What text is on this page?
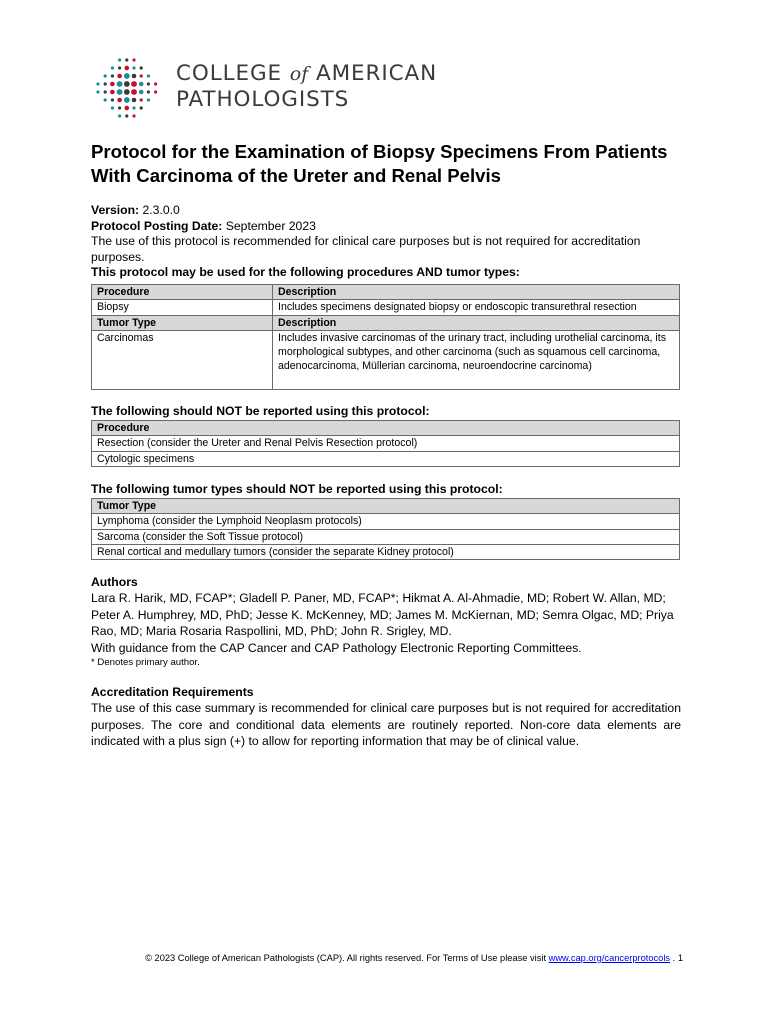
COLLEGE of AMERICAN
PATHOLOGISTS
Protocol for the Examination of Biopsy Specimens From Patients With Carcinoma of the Ureter and Renal Pelvis

Version: 2.3.0.0

Protocol Posting Date: September 2023

The use of this protocol is recommended for clinical care purposes but is not required for accreditation purposes.

This protocol may be used for the following procedures AND tumor types:

Procedure	Description
Biopsy	Includes specimens designated biopsy or endoscopic transurethral resection
Tumor Type	Description
Carcinomas	Includes invasive carcinomas of the urinary tract, including urothelial carcinoma, its morphological subtypes, and other carcinoma (such as squamous cell carcinoma, adenocarcinoma, Müllerian carcinoma, neuroendocrine carcinoma)
The following should NOT be reported using this protocol:
Procedure
Resection (consider the Ureter and Renal Pelvis Resection protocol)
Cytologic specimens
The following tumor types should NOT be reported using this protocol:
Tumor Type
Lymphoma (consider the Lymphoid Neoplasm protocols)
Sarcoma (consider the Soft Tissue protocol)
Renal cortical and medullary tumors (consider the separate Kidney protocol)

Authors

Lara R. Harik, MD, FCAP*; Gladell P. Paner, MD, FCAP*; Hikmat A. Al-Ahmadie, MD; Robert W. Allan, MD; Peter A. Humphrey, MD, PhD; Jesse K. McKenney, MD; James M. McKiernan, MD; Semra Olgac, MD; Priya Rao, MD; Maria Rosaria Raspollini, MD, PhD; John R. Srigley, MD.

With guidance from the CAP Cancer and CAP Pathology Electronic Reporting Committees.

* Denotes primary author.

Accreditation Requirements

The use of this case summary is recommended for clinical care purposes but is not required for accreditation purposes. The core and conditional data elements are routinely reported. Non-core data elements are indicated with a plus sign (+) to allow for reporting information that may be of clinical value.

© 2023 College of American Pathologists (CAP). All rights reserved. For Terms of Use please visit www.cap.org/cancerprotocols . 1
